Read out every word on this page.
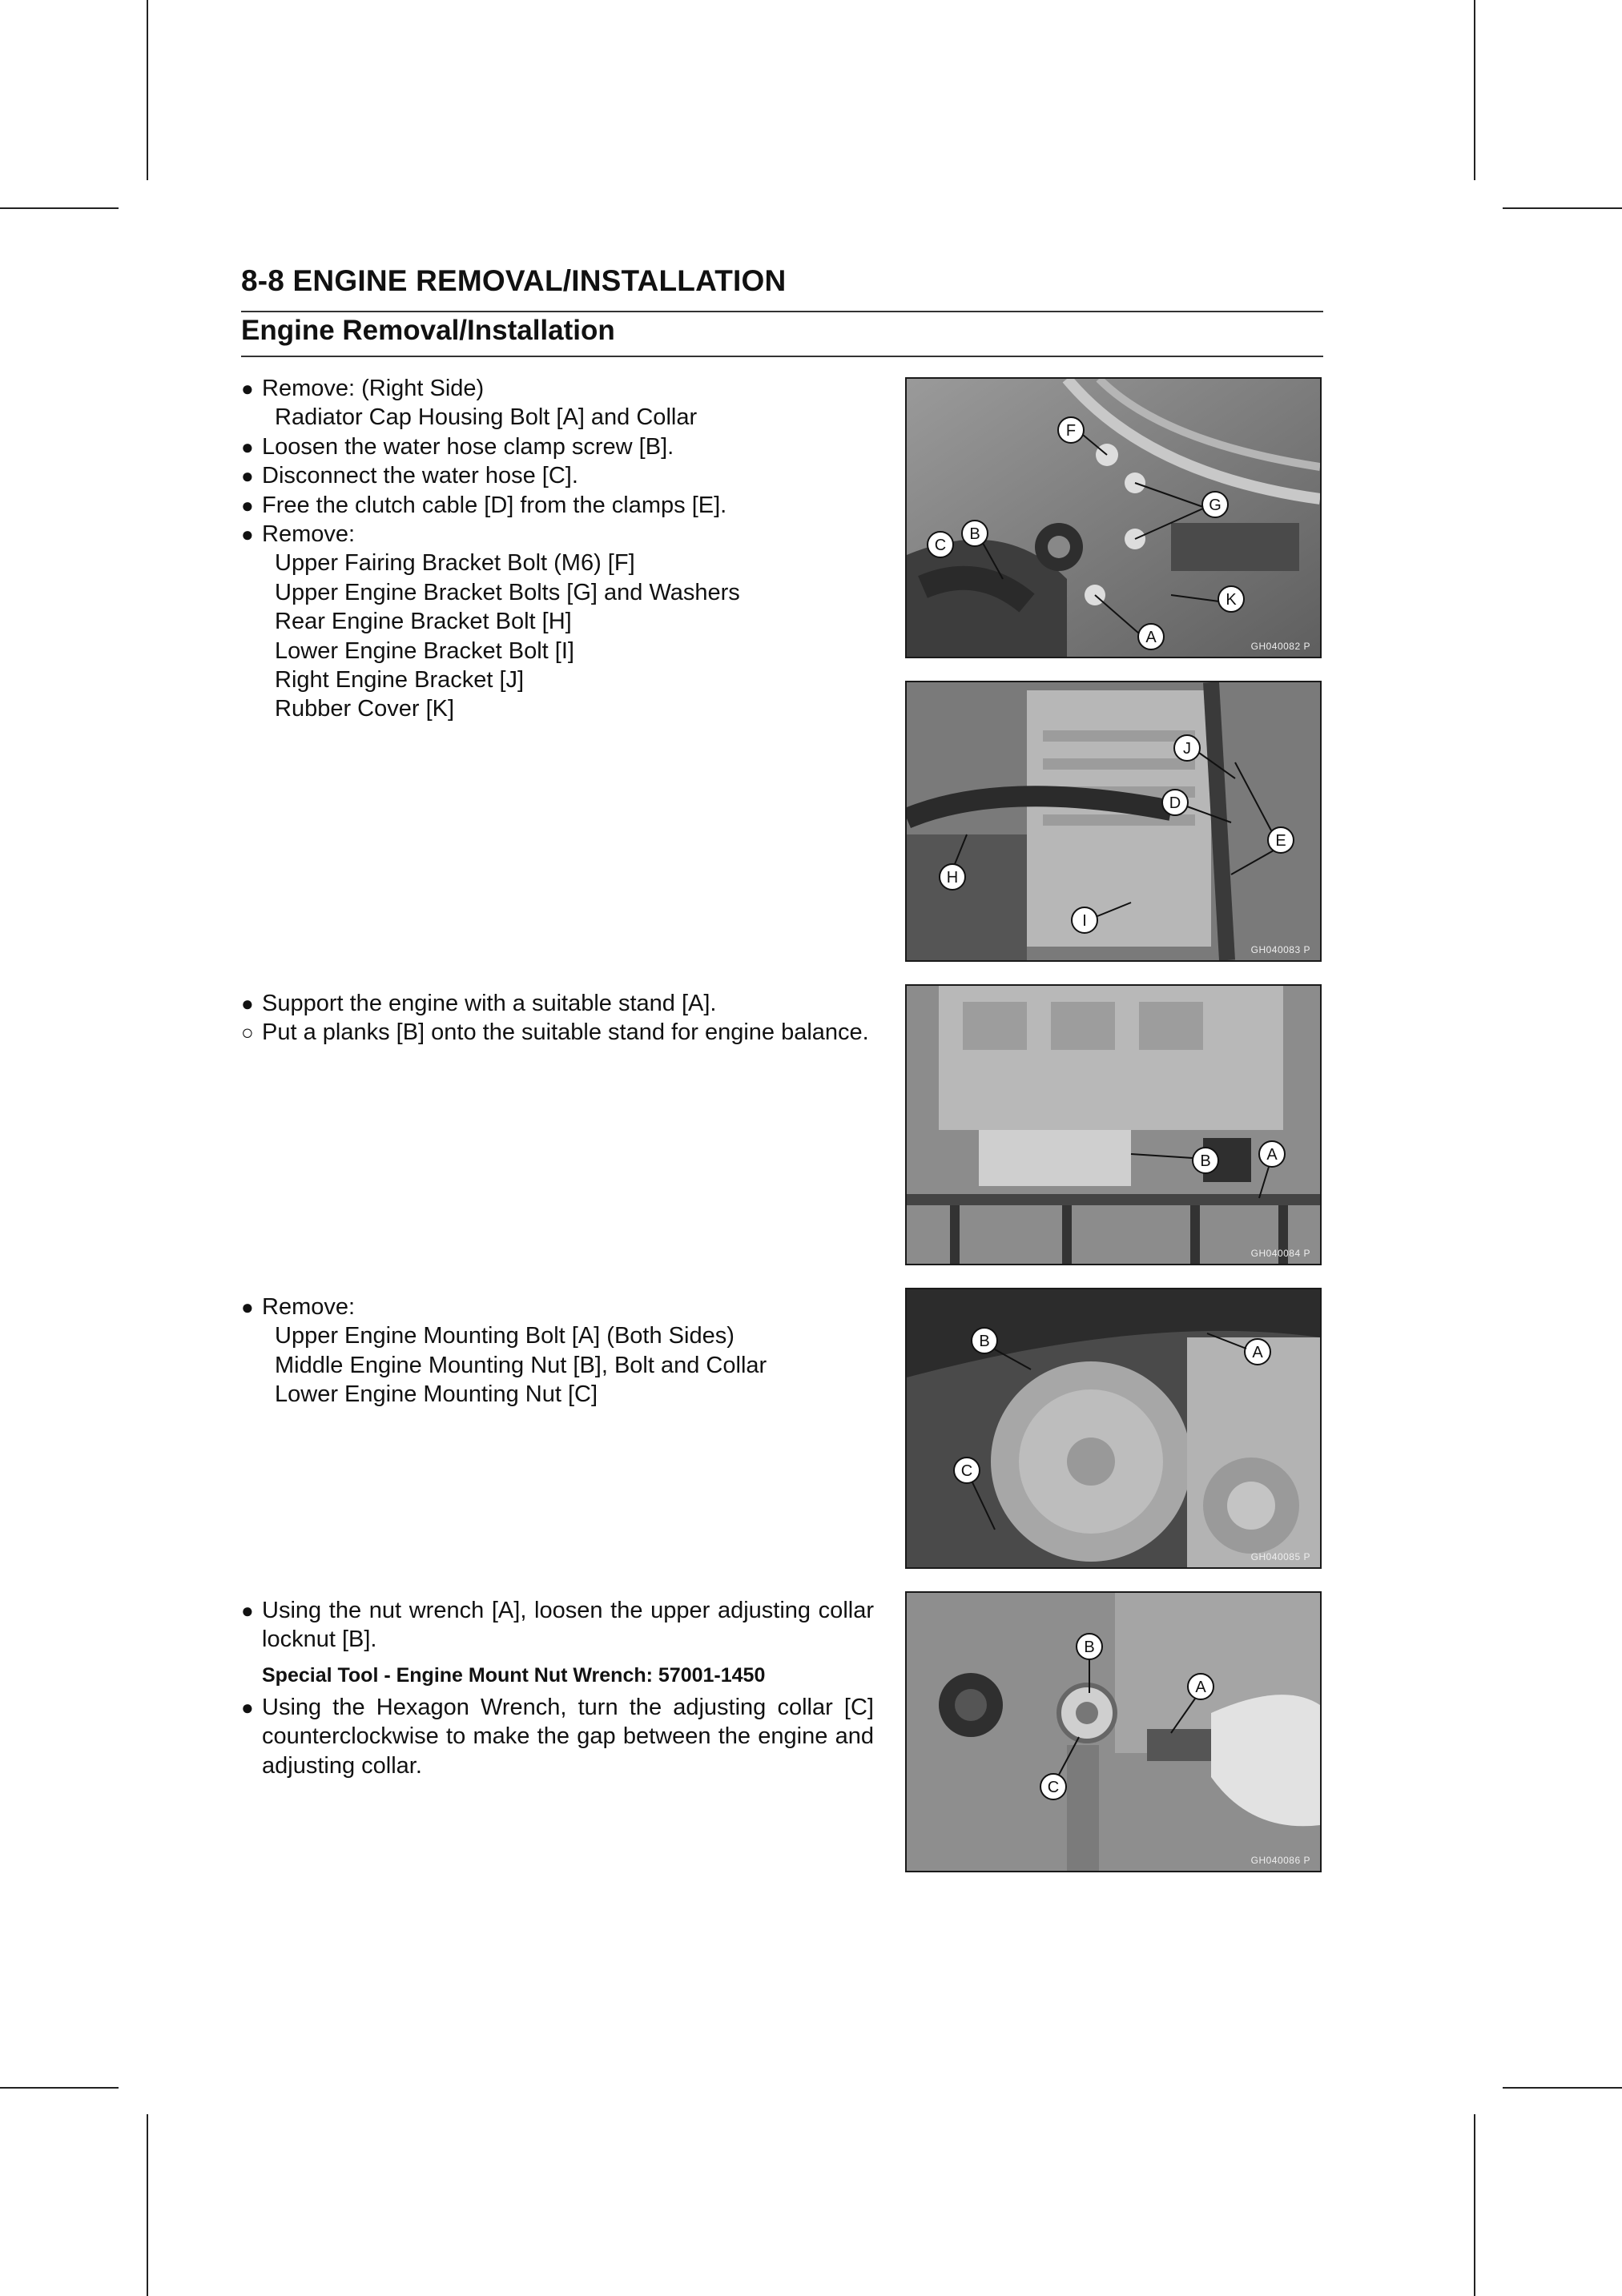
8-8 ENGINE REMOVAL/INSTALLATION
Engine Removal/Installation
● Remove: (Right Side)
Radiator Cap Housing Bolt [A] and Collar
● Loosen the water hose clamp screw [B].
● Disconnect the water hose [C].
● Free the clutch cable [D] from the clamps [E].
● Remove:
Upper Fairing Bracket Bolt (M6) [F]
Upper Engine Bracket Bolts [G] and Washers
Rear Engine Bracket Bolt [H]
Lower Engine Bracket Bolt [I]
Right Engine Bracket [J]
Rubber Cover [K]
● Support the engine with a suitable stand [A].
○ Put a planks [B] onto the suitable stand for engine balance.
● Remove:
Upper Engine Mounting Bolt [A] (Both Sides)
Middle Engine Mounting Nut [B], Bolt and Collar
Lower Engine Mounting Nut [C]
● Using the nut wrench [A], loosen the upper adjusting collar locknut [B].
Special Tool - Engine Mount Nut Wrench: 57001-1450
● Using the Hexagon Wrench, turn the adjusting collar [C] counterclockwise to make the gap between the engine and adjusting collar.
F
G
B
C
K
A	GH040082 P
J
D
E
H
I
GH040083 P
B	A
GH040084 P
B
A
C
GH040085 P
B
A
C
GH040086 P
